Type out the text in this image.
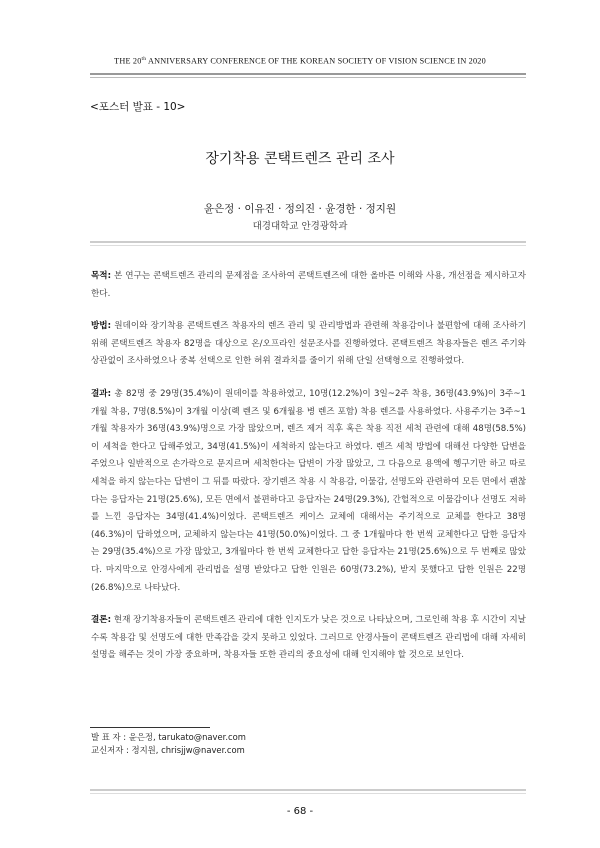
THE 20th ANNIVERSARY CONFERENCE OF THE KOREAN SOCIETY OF VISION SCIENCE IN 2020
<포스터 발표 - 10>
장기착용 콘택트렌즈 관리 조사
윤은정 · 이유진 · 정의진 · 윤경한 · 정지원
대경대학교 안경광학과

목적: 본 연구는 콘택트렌즈 관리의 문제점을 조사하여 콘택트렌즈에 대한 올바른 이해와 사용, 개선점을 제시하고자 한다.

방법: 원데이와 장기착용 콘택트렌즈 착용자의 렌즈 관리 및 관리방법과 관련해 착용감이나 불편함에 대해 조사하기 위해 콘택트렌즈 착용자 82명을 대상으로 온/오프라인 설문조사를 진행하였다. 콘택트렌즈 착용자들은 렌즈 주기와 상관없이 조사하였으나 중복 선택으로 인한 허위 결과치를 줄이기 위해 단일 선택형으로 진행하였다.

결과: 총 82명 중 29명(35.4%)이 원데이를 착용하였고, 10명(12.2%)이 3일~2주 착용, 36명(43.9%)이 3주~1개월 착용, 7명(8.5%)이 3개월 이상(롁 렌즈 및 6개월용 병 렌즈 포함) 착용 렌즈를 사용하였다. 사용주기는 3주~1개월 착용자가 36명(43.9%)명으로 가장 많았으며, 렌즈 제거 직후 혹은 착용 직전 세척 관련에 대해 48명(58.5%)이 세척을 한다고 답해주었고, 34명(41.5%)이 세척하지 않는다고 하였다. 렌즈 세척 방법에 대해선 다양한 답변을 주었으나 일반적으로 손가락으로 문지르며 세척한다는 답변이 가장 많았고, 그 다음으로 용액에 헹구기만 하고 따로 세척을 하지 않는다는 답변이 그 뒤를 따랐다. 장기렌즈 착용 시 착용감, 이물감, 선명도와 관련하여 모든 면에서 괜찮다는 응답자는 21명(25.6%), 모든 면에서 불편하다고 응답자는 24명(29.3%), 간헐적으로 이물감이나 선명도 저하를 느낀 응답자는 34명(41.4%)이었다. 콘택트렌즈 케이스 교체에 대해서는 주기적으로 교체를 한다고 38명(46.3%)이 답하였으며, 교체하지 않는다는 41명(50.0%)이었다. 그 중 1개월마다 한 번씩 교체한다고 답한 응답자는 29명(35.4%)으로 가장 많았고, 3개월마다 한 번씩 교체한다고 답한 응답자는 21명(25.6%)으로 두 번째로 많았다. 마지막으로 안경사에게 관리법을 설명 받았다고 답한 인원은 60명(73.2%), 받지 못했다고 답한 인원은 22명(26.8%)으로 나타났다.

결론: 현재 장기착용자들이 콘택트렌즈 관리에 대한 인지도가 낮은 것으로 나타났으며, 그로인해 착용 후 시간이 지날수록 착용감 및 선명도에 대한 만족감을 갖지 못하고 있었다. 그러므로 안경사들이 콘택트렌즈 관리법에 대해 자세히 설명을 해주는 것이 가장 중요하며, 착용자들 또한 관리의 중요성에 대해 인지해야 할 것으로 보인다.

발 표 자 : 윤은정, tarukato@naver.com
교신저자 : 정지원, chrisjjw@naver.com
- 68 -
